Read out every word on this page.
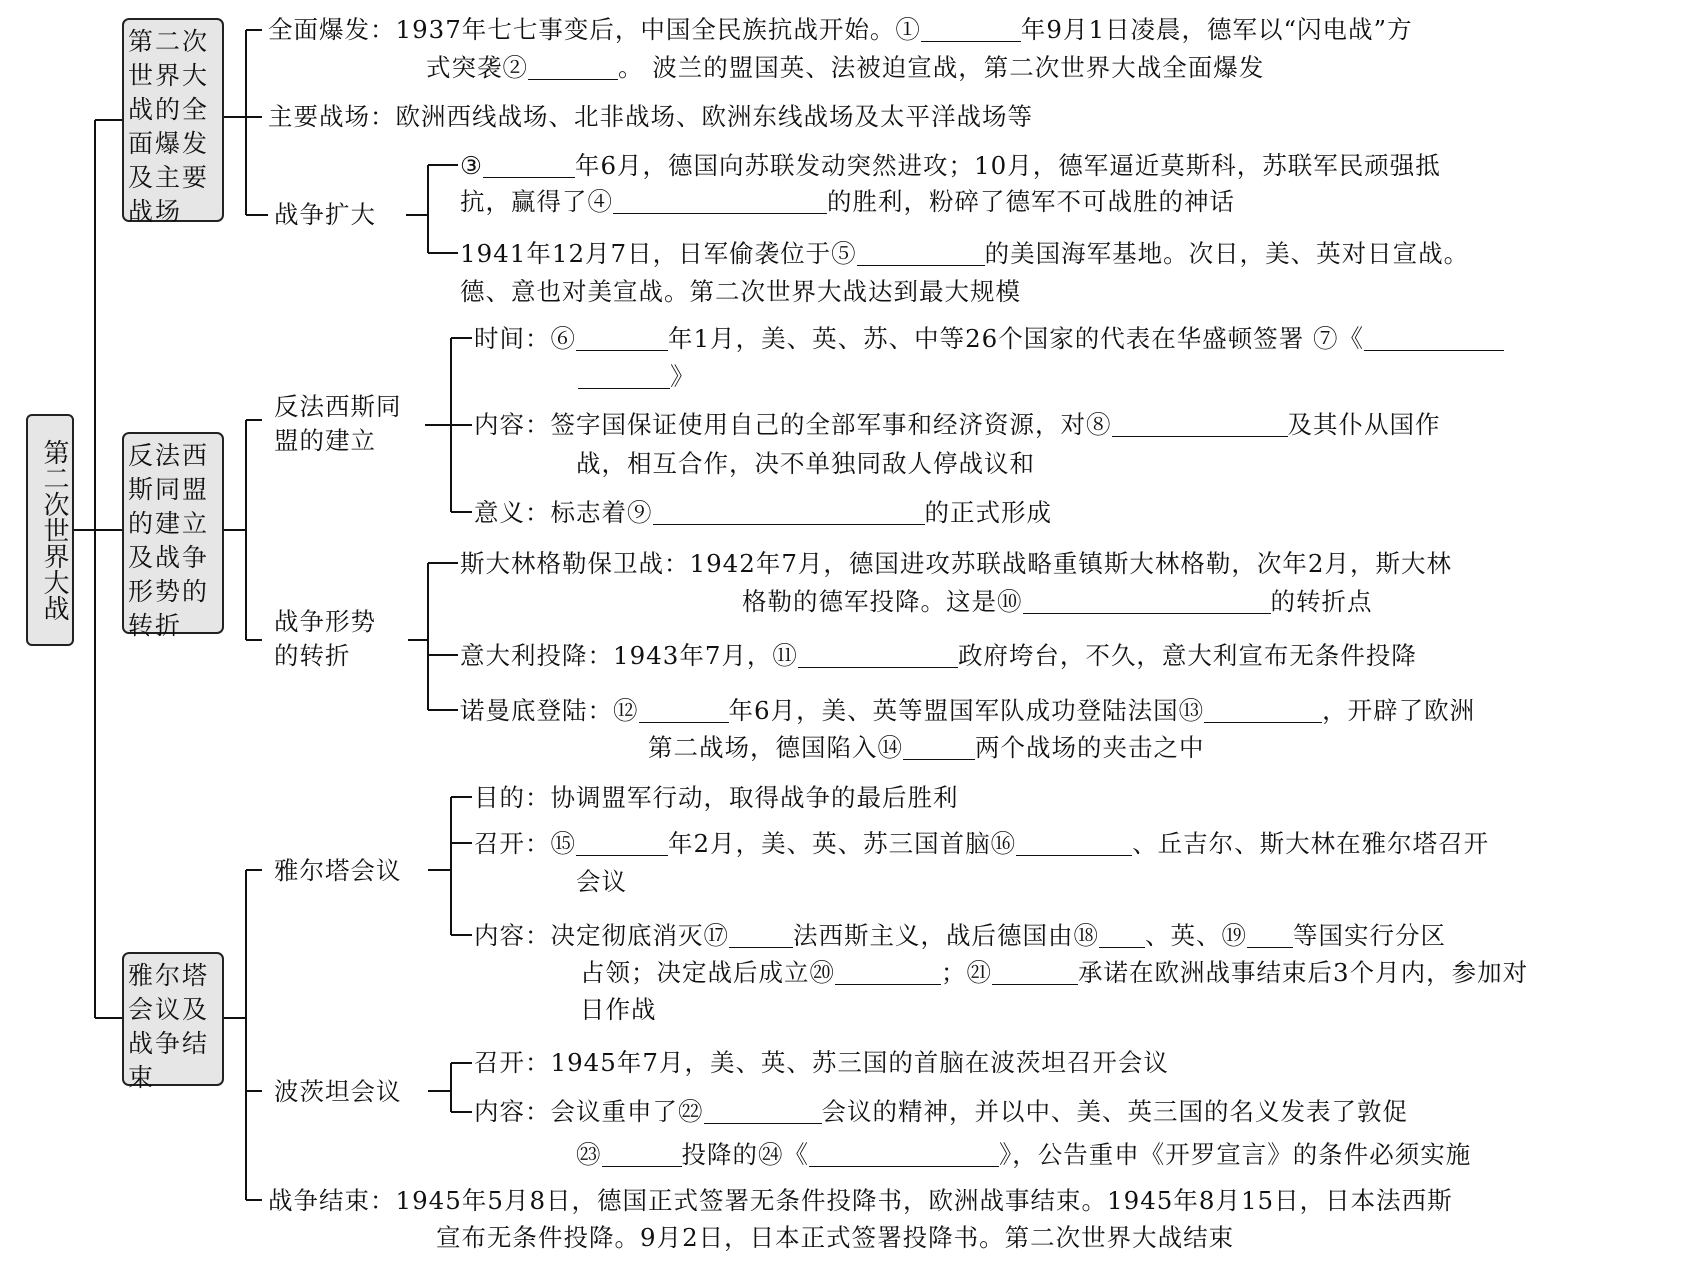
第二次世界大战
第二次世界大战的全面爆发及主要战场
反法西斯同盟的建立及战争形势的转折
雅尔塔会议及战争结束
全面爆发：1937年七七事变后，中国全民族抗战开始。①	年9月1日凌晨，德军以“闪电战”方
式突袭②	。 波兰的盟国英、法被迫宣战，第二次世界大战全面爆发
主要战场：欧洲西线战场、北非战场、欧洲东线战场及太平洋战场等
战争扩大
③	年6月，德国向苏联发动突然进攻；10月，德军逼近莫斯科，苏联军民顽强抵
抗，赢得了④	的胜利，粉碎了德军不可战胜的神话
1941年12月7日，日军偷袭位于⑤	的美国海军基地。次日，美、英对日宣战。
德、意也对美宣战。第二次世界大战达到最大规模
反法西斯同
盟的建立
时间：⑥	年1月，美、英、苏、中等26个国家的代表在华盛顿签署 ⑦《
》
内容：签字国保证使用自己的全部军事和经济资源，对⑧	及其仆从国作
战，相互合作，决不单独同敌人停战议和
意义：标志着⑨	的正式形成
战争形势
的转折
斯大林格勒保卫战：1942年7月，德国进攻苏联战略重镇斯大林格勒，次年2月，斯大林
格勒的德军投降。这是⑩	的转折点
意大利投降：1943年7月，⑪	政府垮台，不久，意大利宣布无条件投降
诺曼底登陆：⑫	年6月，美、英等盟国军队成功登陆法国⑬	，开辟了欧洲
第二战场，德国陷入⑭	两个战场的夹击之中
雅尔塔会议
目的：协调盟军行动，取得战争的最后胜利
召开：⑮	年2月，美、英、苏三国首脑⑯	、丘吉尔、斯大林在雅尔塔召开
会议
内容：决定彻底消灭⑰	法西斯主义，战后德国由⑱ 、英、⑲ 等国实行分区
占领；决定战后成立⑳	；㉑	承诺在欧洲战事结束后3个月内，参加对
日作战
波茨坦会议
召开：1945年7月，美、英、苏三国的首脑在波茨坦召开会议
内容：会议重申了㉒	会议的精神，并以中、美、英三国的名义发表了敦促
㉓	投降的㉔《	》，公告重申《开罗宣言》的条件必须实施
战争结束：1945年5月8日，德国正式签署无条件投降书，欧洲战事结束。1945年8月15日，日本法西斯
宣布无条件投降。9月2日，日本正式签署投降书。第二次世界大战结束
